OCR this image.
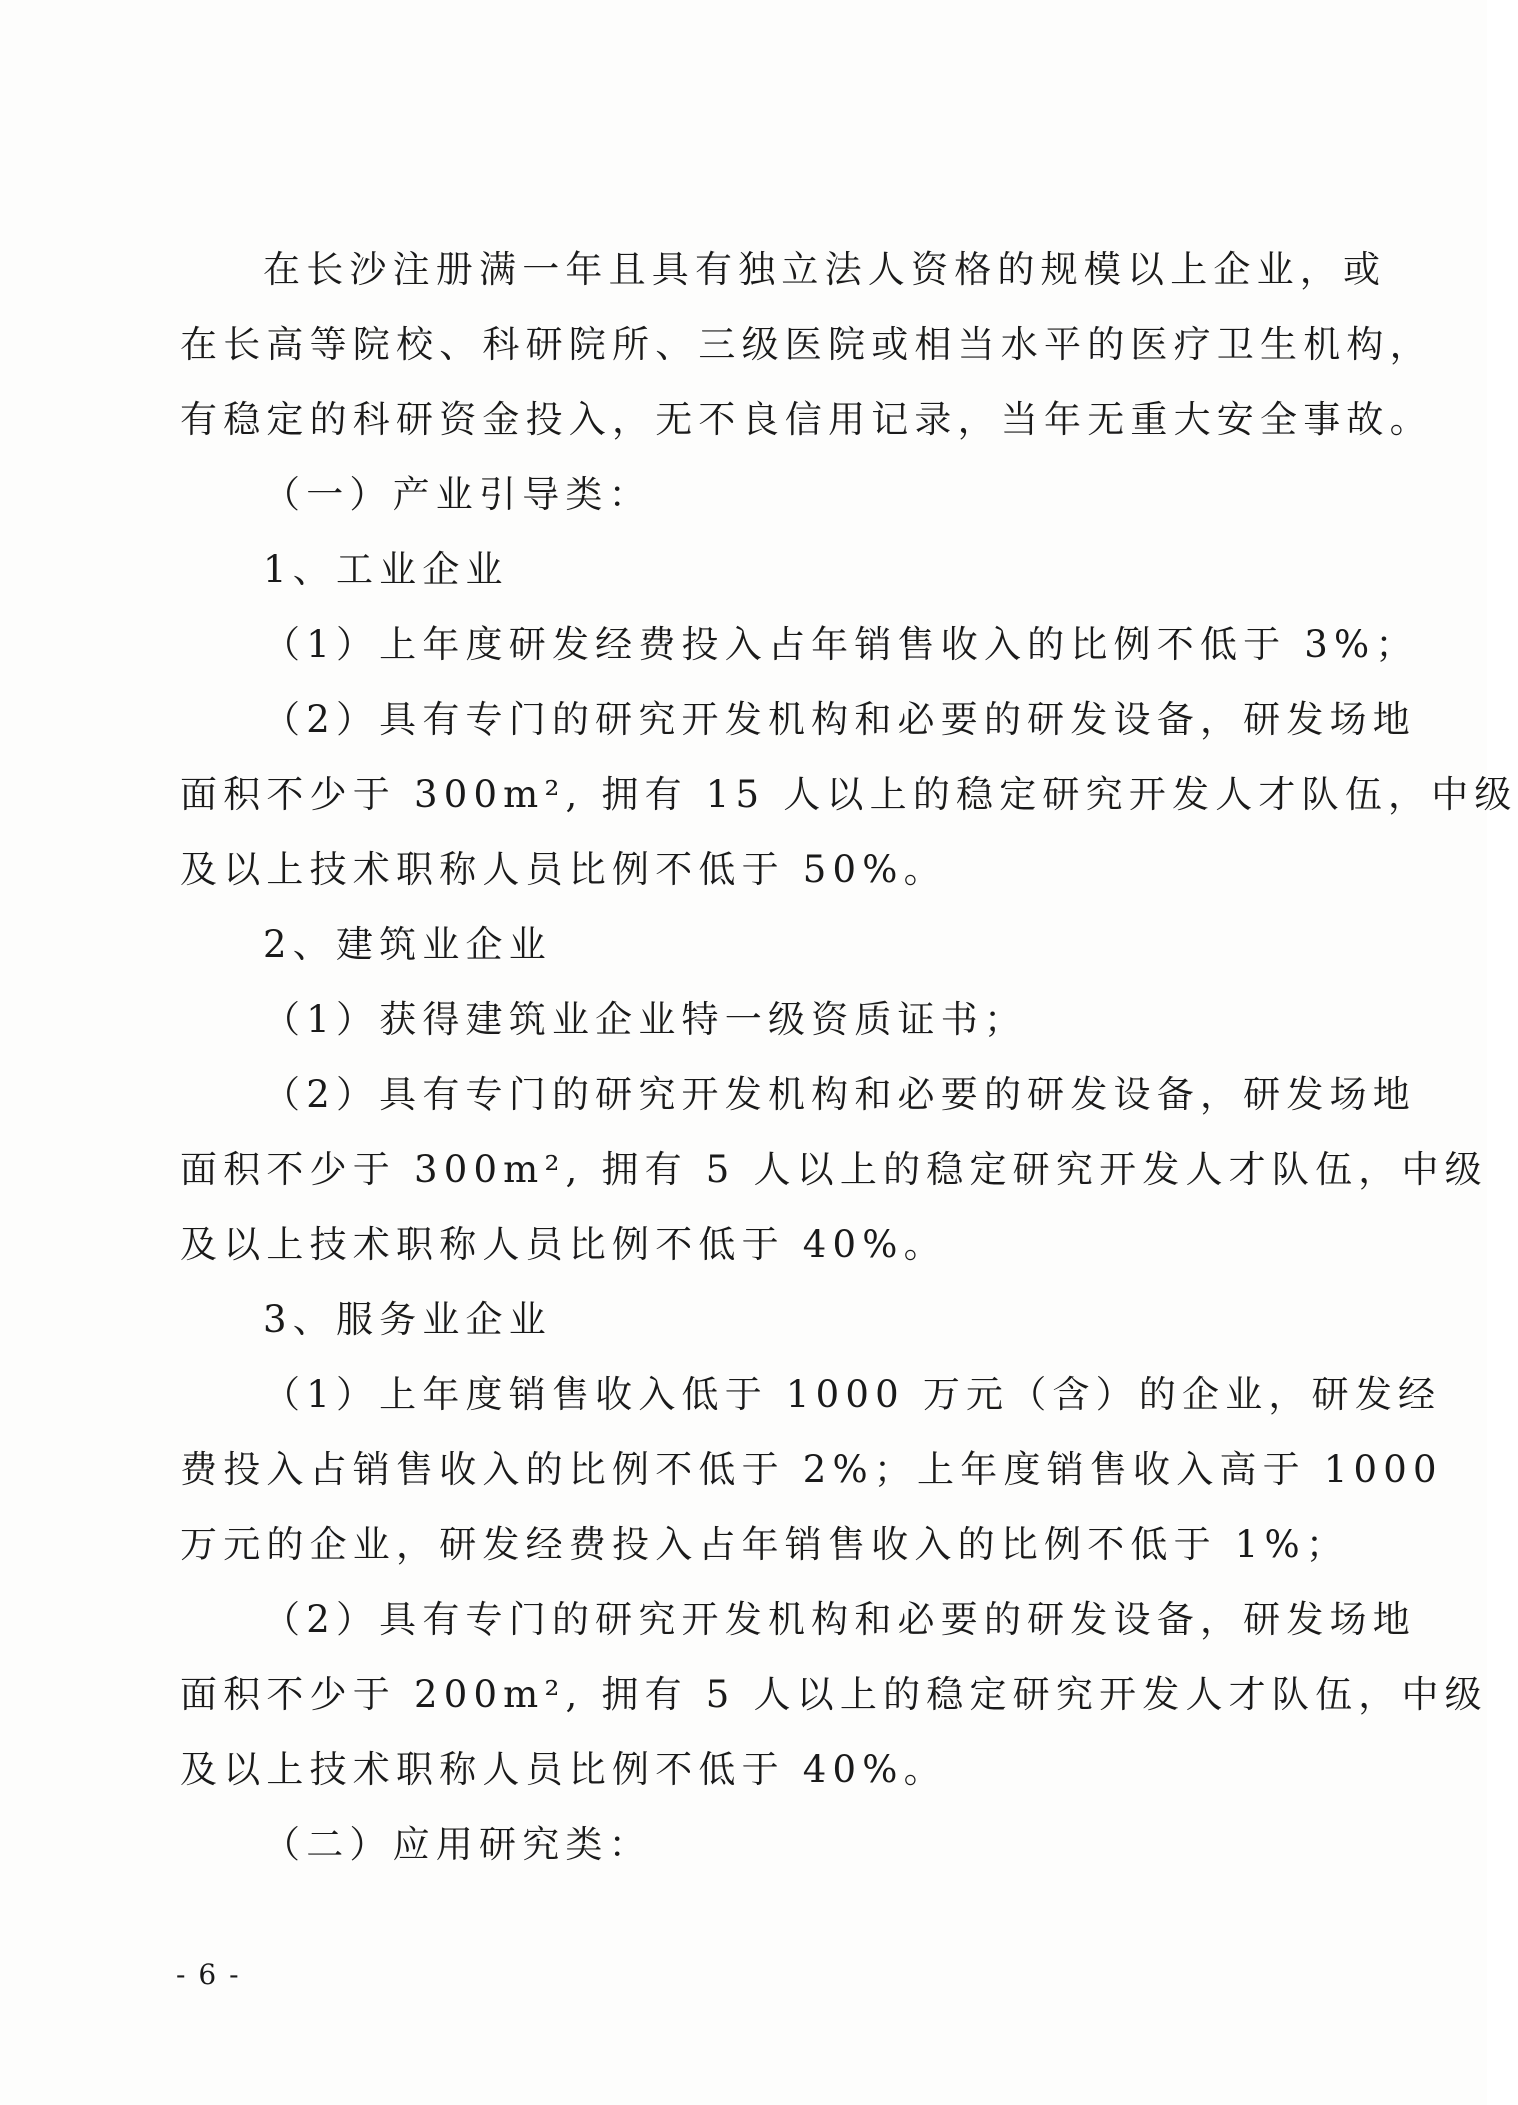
在长沙注册满一年且具有独立法人资格的规模以上企业，或
在长高等院校、科研院所、三级医院或相当水平的医疗卫生机构，
有稳定的科研资金投入，无不良信用记录，当年无重大安全事故。
（一）产业引导类：
1、工业企业
（1）上年度研发经费投入占年销售收入的比例不低于 3%；
（2）具有专门的研究开发机构和必要的研发设备，研发场地
面积不少于 300m², 拥有 15 人以上的稳定研究开发人才队伍，中级
及以上技术职称人员比例不低于 50%。
2、建筑业企业
（1）获得建筑业企业特一级资质证书；
（2）具有专门的研究开发机构和必要的研发设备，研发场地
面积不少于 300m², 拥有 5 人以上的稳定研究开发人才队伍，中级
及以上技术职称人员比例不低于 40%。
3、服务业企业
（1）上年度销售收入低于 1000 万元（含）的企业，研发经
费投入占销售收入的比例不低于 2%；上年度销售收入高于 1000
万元的企业，研发经费投入占年销售收入的比例不低于 1%；
（2）具有专门的研究开发机构和必要的研发设备，研发场地
面积不少于 200m², 拥有 5 人以上的稳定研究开发人才队伍，中级
及以上技术职称人员比例不低于 40%。
（二）应用研究类：
- 6 -
